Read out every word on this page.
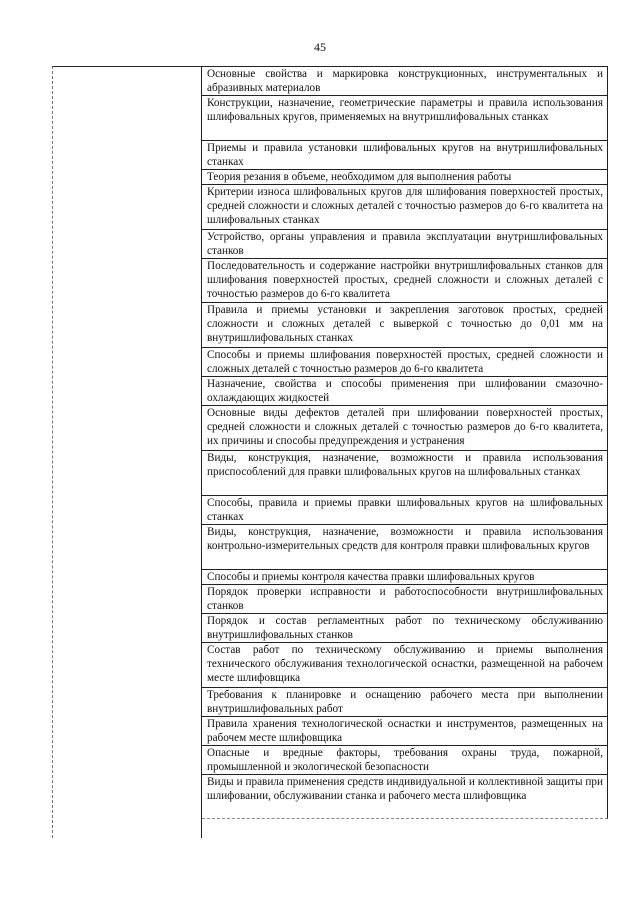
45
Основные свойства и маркировка конструкционных, инструментальных и абразивных материалов
Конструкции, назначение, геометрические параметры и правила использования шлифовальных кругов, применяемых на внутришлифовальных станках
Приемы и правила установки шлифовальных кругов на внутришлифовальных станках
Теория резания в объеме, необходимом для выполнения работы
Критерии износа шлифовальных кругов для шлифования поверхностей простых, средней сложности и сложных деталей с точностью размеров до 6-го квалитета на шлифовальных станках
Устройство, органы управления и правила эксплуатации внутришлифовальных станков
Последовательность и содержание настройки внутришлифовальных станков для шлифования поверхностей простых, средней сложности и сложных деталей с точностью размеров до 6-го квалитета
Правила и приемы установки и закрепления заготовок простых, средней сложности и сложных деталей с выверкой с точностью до 0,01 мм на внутришлифовальных станках
Способы и приемы шлифования поверхностей простых, средней сложности и сложных деталей с точностью размеров до 6-го квалитета
Назначение, свойства и способы применения при шлифовании смазочно-охлаждающих жидкостей
Основные виды дефектов деталей при шлифовании поверхностей простых, средней сложности и сложных деталей с точностью размеров до 6-го квалитета, их причины и способы предупреждения и устранения
Виды, конструкция, назначение, возможности и правила использования приспособлений для правки шлифовальных кругов на шлифовальных станках
Способы, правила и приемы правки шлифовальных кругов на шлифовальных станках
Виды, конструкция, назначение, возможности и правила использования контрольно-измерительных средств для контроля правки шлифовальных кругов
Способы и приемы контроля качества правки шлифовальных кругов
Порядок проверки исправности и работоспособности внутришлифовальных станков
Порядок и состав регламентных работ по техническому обслуживанию внутришлифовальных станков
Состав работ по техническому обслуживанию и приемы выполнения технического обслуживания технологической оснастки, размещенной на рабочем месте шлифовщика
Требования к планировке и оснащению рабочего места при выполнении внутришлифовальных работ
Правила хранения технологической оснастки и инструментов, размещенных на рабочем месте шлифовщика
Опасные и вредные факторы, требования охраны труда, пожарной, промышленной и экологической безопасности
Виды и правила применения средств индивидуальной и коллективной защиты при шлифовании, обслуживании станка и рабочего места шлифовщика
